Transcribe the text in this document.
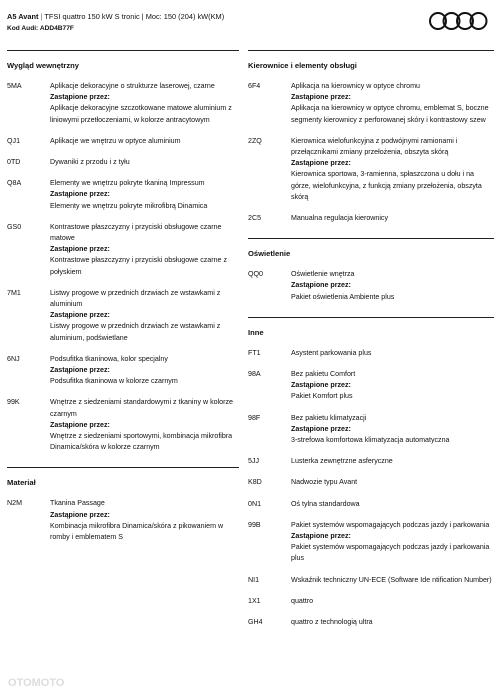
A5 Avant | TFSI quattro 150 kW S tronic | Moc: 150 (204) kW(KM)
Kod Audi: ADD4B77F
Wygląd wewnętrzny
5MA	Aplikacje dekoracyjne o strukturze laserowej, czarne
Zastąpione przez:
Aplikacje dekoracyjne szczotkowane matowe aluminium z liniowymi przetłoczeniami, w kolorze antracytowym
QJ1	Aplikacje we wnętrzu w optyce aluminium
0TD	Dywaniki z przodu i z tyłu
Q8A	Elementy we wnętrzu pokryte tkaniną Impressum
Zastąpione przez:
Elementy we wnętrzu pokryte mikrofibrą Dinamica
GS0	Kontrastowe płaszczyzny i przyciski obsługowe czarne matowe
Zastąpione przez:
Kontrastowe płaszczyzny i przyciski obsługowe czarne z połyskiem
7M1	Listwy progowe w przednich drzwiach ze wstawkami z aluminium
Zastąpione przez:
Listwy progowe w przednich drzwiach ze wstawkami z aluminium, podświetlane
6NJ	Podsufitka tkaninowa, kolor specjalny
Zastąpione przez:
Podsufitka tkaninowa w kolorze czarnym
99K	Wnętrze z siedzeniami standardowymi z tkaniny w kolorze czarnym
Zastąpione przez:
Wnętrze z siedzeniami sportowymi, kombinacja mikrofibra Dinamica/skóra w kolorze czarnym
Materiał
N2M	Tkanina Passage
Zastąpione przez:
Kombinacja mikrofibra Dinamica/skóra z pikowaniem w romby i emblematem S
Kierownice i elementy obsługi
6F4	Aplikacja na kierownicy w optyce chromu
Zastąpione przez:
Aplikacja na kierownicy w optyce chromu, emblemat S, boczne segmenty kierownicy z perforowanej skóry i kontrastowy szew
2ZQ	Kierownica wielofunkcyjna z podwójnymi ramionami i przełącznikami zmiany przełożenia, obszyta skórą
Zastąpione przez:
Kierownica sportowa, 3-ramienna, spłaszczona u dołu i na górze, wielofunkcyjna, z funkcją zmiany przełożenia, obszyta skórą
2C5	Manualna regulacja kierownicy
Oświetlenie
QQ0	Oświetlenie wnętrza
Zastąpione przez:
Pakiet oświetlenia Ambiente plus
Inne
FT1	Asystent parkowania plus
98A	Bez pakietu Comfort
Zastąpione przez:
Pakiet Komfort plus
98F	Bez pakietu klimatyzacji
Zastąpione przez:
3-strefowa komfortowa klimatyzacja automatyczna
5JJ	Lusterka zewnętrzne asferyczne
K8D	Nadwozie typu Avant
0N1	Oś tylna standardowa
99B	Pakiet systemów wspomagających podczas jazdy i parkowania
Zastąpione przez:
Pakiet systemów wspomagających podczas jazdy i parkowania plus
NI1	Wskaźnik techniczny UN-ECE (Software Ide ntification Number)
1X1	quattro
GH4	quattro z technologią ultra
OTOMOTO
